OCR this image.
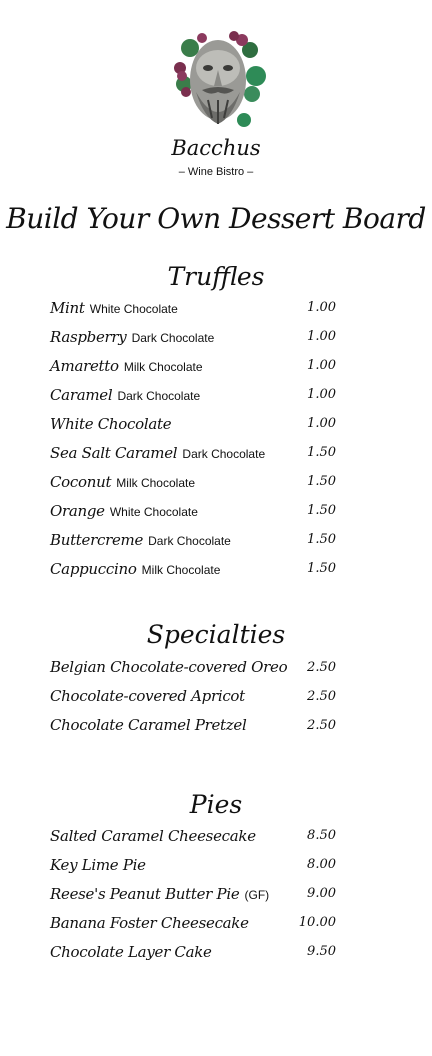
Bacchus
– Wine Bistro –
Build Your Own Dessert Board
Truffles
Mint White Chocolate	1.00
Raspberry Dark Chocolate	1.00
Amaretto Milk Chocolate	1.00
Caramel Dark Chocolate	1.00
White Chocolate	1.00
Sea Salt Caramel Dark Chocolate	1.50
Coconut Milk Chocolate	1.50
Orange White Chocolate	1.50
Buttercreme Dark Chocolate	1.50
Cappuccino Milk Chocolate	1.50
Specialties
Belgian Chocolate-covered Oreo	2.50
Chocolate-covered Apricot	2.50
Chocolate Caramel Pretzel	2.50
Pies
Salted Caramel Cheesecake	8.50
Key Lime Pie	8.00
Reese's Peanut Butter Pie (GF)	9.00
Banana Foster Cheesecake	10.00
Chocolate Layer Cake	9.50
